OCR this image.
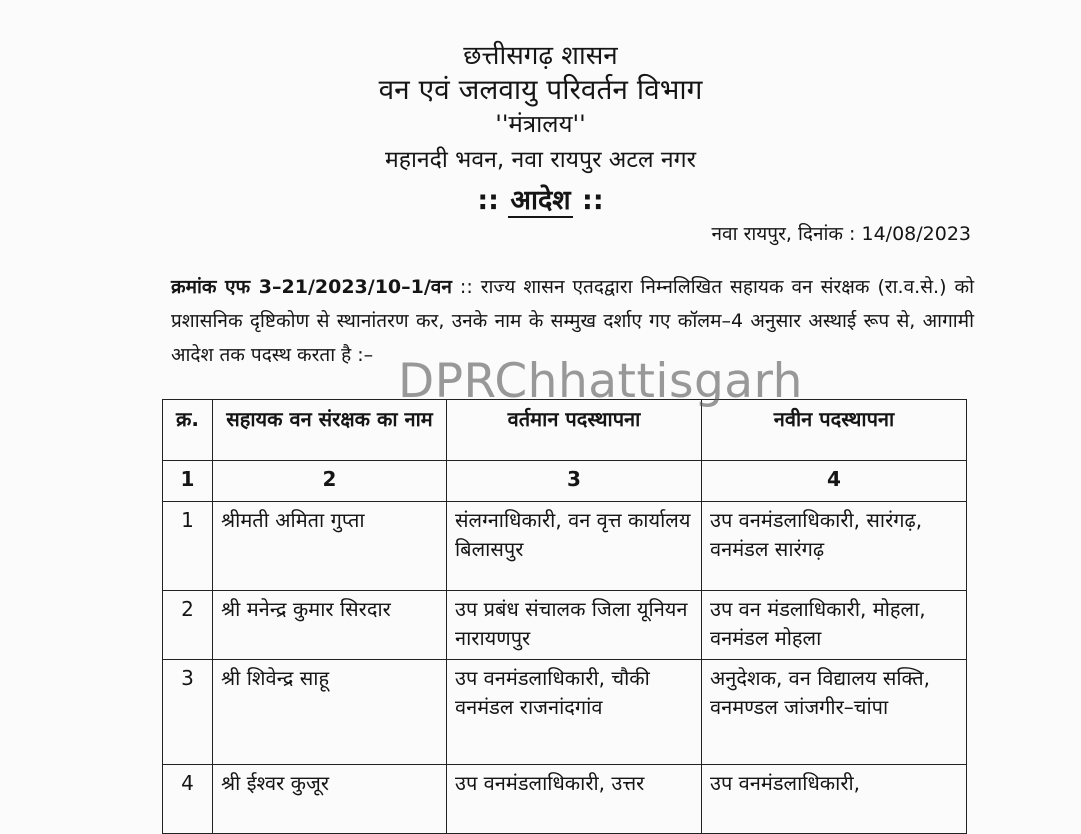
छत्तीसगढ़ शासन
वन एवं जलवायु परिवर्तन विभाग
''मंत्रालय''
महानदी भवन, नवा रायपुर अटल नगर
:: आदेश ::
नवा रायपुर, दिनांक : 14/08/2023
क्रमांक एफ 3–21/2023/10–1/वन :: राज्य शासन एतदद्वारा निम्नलिखित सहायक वन संरक्षक (रा.व.से.) को प्रशासनिक दृष्टिकोण से स्थानांतरण कर, उनके नाम के सम्मुख दर्शाए गए कॉलम–4 अनुसार अस्थाई रूप से, आगामी आदेश तक पदस्थ करता है :–
क्र.	सहायक वन संरक्षक का नाम	वर्तमान पदस्थापना	नवीन पदस्थापना
1	2	3	4
1	श्रीमती अमिता गुप्ता	संलग्नाधिकारी, वन वृत्त कार्यालय बिलासपुर	उप वनमंडलाधिकारी, सारंगढ़, वनमंडल सारंगढ़
2	श्री मनेन्द्र कुमार सिरदार	उप प्रबंध संचालक जिला यूनियन नारायणपुर	उप वन मंडलाधिकारी, मोहला, वनमंडल मोहला
3	श्री शिवेन्द्र साहू	उप वनमंडलाधिकारी, चौकी वनमंडल राजनांदगांव	अनुदेशक, वन विद्यालय सक्ति, वनमण्डल जांजगीर–चांपा
4	श्री ईश्वर कुजूर	उप वनमंडलाधिकारी, उत्तर	उप वनमंडलाधिकारी,
DPRChhattisgarh
